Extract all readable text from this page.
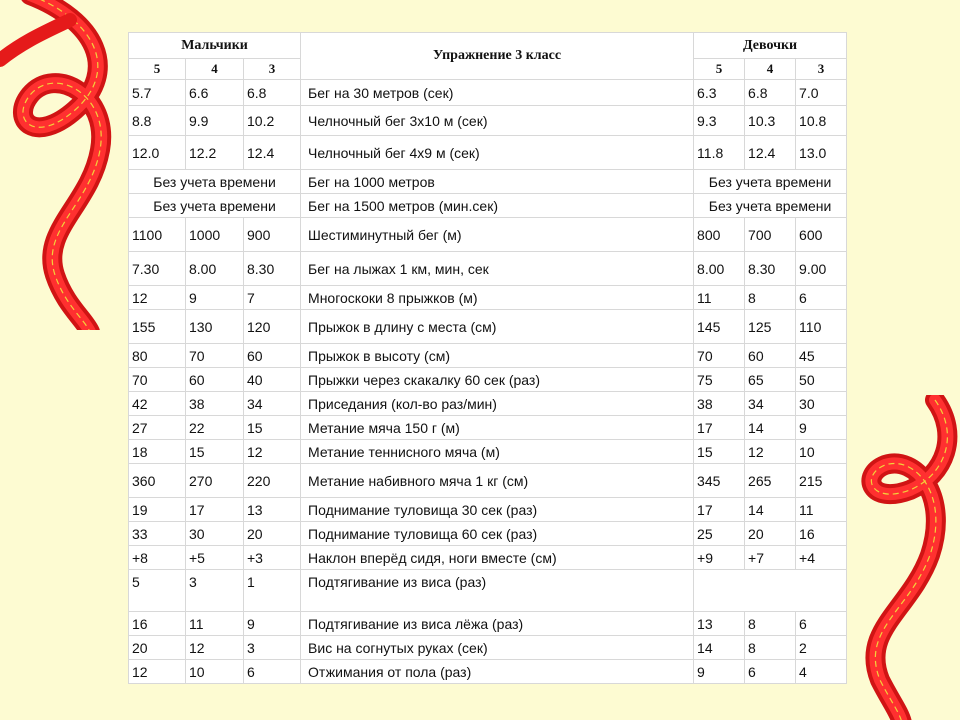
Мальчики			Упражнение 3 класс	Девочки		
5	4	3		5	4	3
5.7	6.6	6.8	Бег на 30 метров (сек)	6.3	6.8	7.0
8.8	9.9	10.2	Челночный бег 3х10 м (сек)	9.3	10.3	10.8
12.0	12.2	12.4	Челночный бег 4х9 м (сек)	11.8	12.4	13.0
Без учета времени			Бег на 1000 метров	Без учета времени		
Без учета времени			Бег на 1500 метров (мин.сек)	Без учета времени		
1100	1000	900	Шестиминутный бег (м)	800	700	600
7.30	8.00	8.30	Бег на лыжах 1 км, мин, сек	8.00	8.30	9.00
12	9	7	Многоскоки 8 прыжков (м)	11	8	6
155	130	120	Прыжок в длину с места (см)	145	125	110
80	70	60	Прыжок в высоту (см)	70	60	45
70	60	40	Прыжки через скакалку 60 сек (раз)	75	65	50
42	38	34	Приседания (кол-во раз/мин)	38	34	30
27	22	15	Метание мяча 150 г (м)	17	14	9
18	15	12	Метание теннисного мяча (м)	15	12	10
360	270	220	Метание набивного мяча 1 кг (см)	345	265	215
19	17	13	Поднимание туловища 30 сек (раз)	17	14	11
33	30	20	Поднимание туловища 60 сек (раз)	25	20	16
+8	+5	+3	Наклон вперёд сидя, ноги вместе (см)	+9	+7	+4
5	3	1	Подтягивание из виса (раз)			
16	11	9	Подтягивание из виса лёжа (раз)	13	8	6
20	12	3	Вис на согнутых руках (сек)	14	8	2
12	10	6	Отжимания от пола (раз)	9	6	4
